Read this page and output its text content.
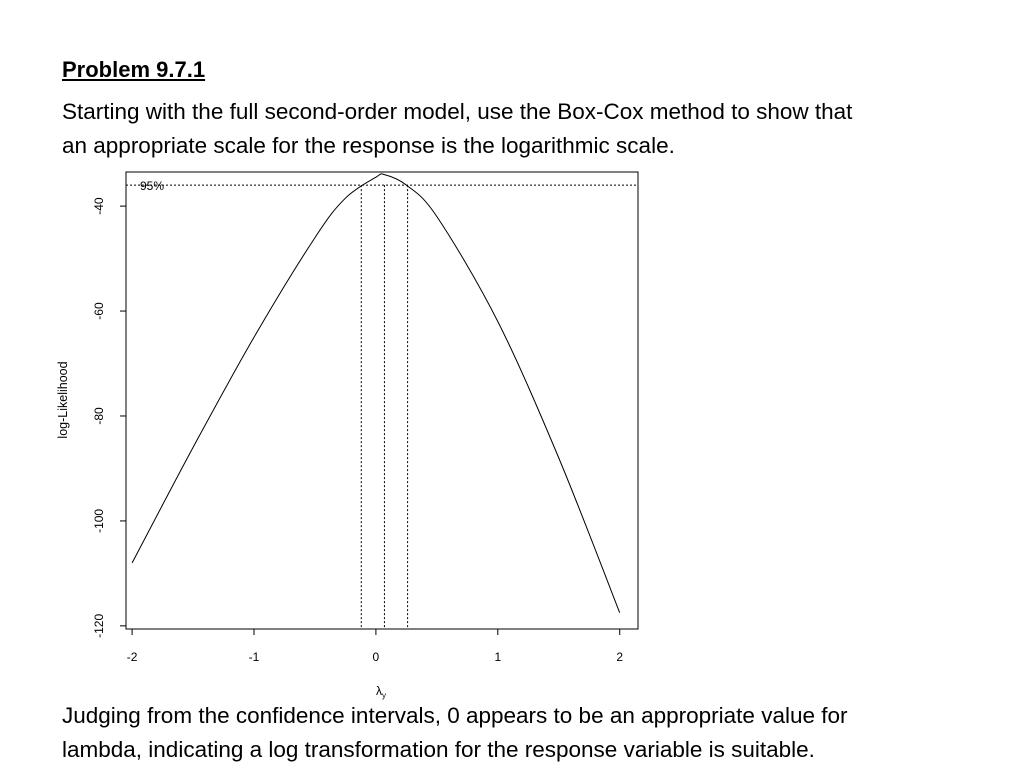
Problem 9.7.1
Starting with the full second-order model, use the Box-Cox method to show that
an appropriate scale for the response is the logarithmic scale.
-2	-1	0	1	2
-120
-100
-80
-60
-40
95%
log-Likelihood
$\lambda_y$
Judging from the confidence intervals, 0 appears to be an appropriate value for
lambda, indicating a log transformation for the response variable is suitable.
